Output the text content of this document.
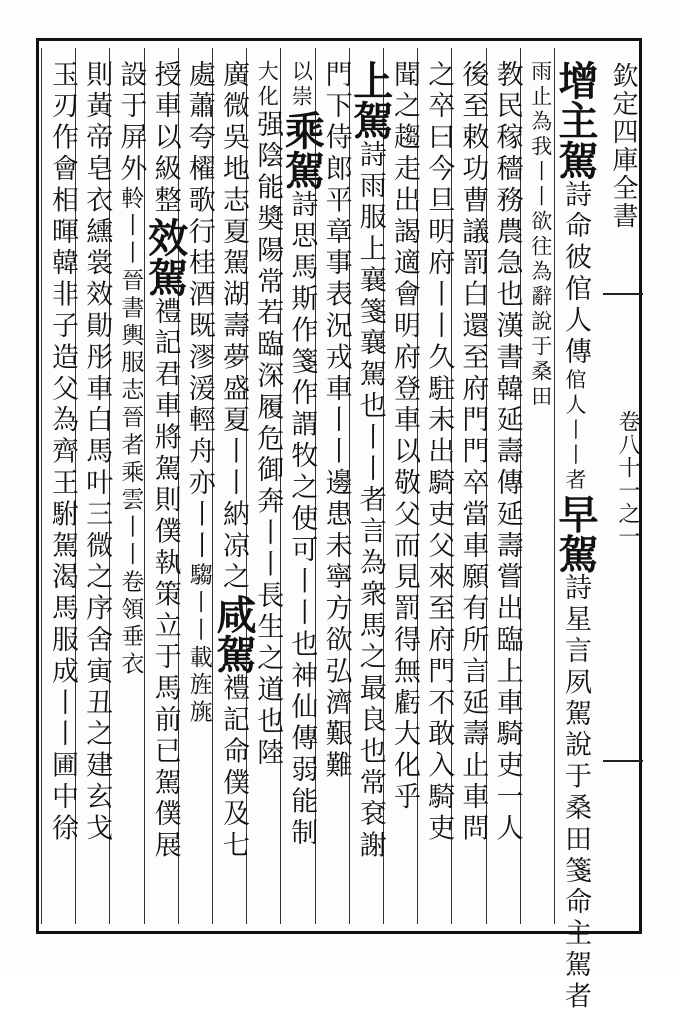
欽定四庫全書
卷八十一之一
增主駕詩命彼倌人傳倌人丨丨者早駕詩星言夙駕說于桑田箋命主駕者
雨止為我丨丨欲往為辭說于桑田
教民稼穡務農急也漢書韓延壽傳延壽嘗出臨上車騎吏一人
後至敕功曹議罰白還至府門門卒當車願有所言延壽止車問
之卒曰今旦明府丨丨久駐未出騎吏父來至府門不敢入騎吏
聞之趨走出謁適會明府登車以敬父而見罰得無虧大化乎
上駕詩雨服上襄箋襄駕也丨丨者言為衆馬之最良也常袞謝
門下侍郎平章事表況戎車丨丨邊患未寧方欲弘濟艱難
以崇乘駕詩思馬斯作箋作謂牧之使可丨丨也神仙傳弱能制
大化强陰能奬陽常若臨深履危御奔丨丨長生之道也陸
廣微吳地志夏駕湖壽夢盛夏丨丨納凉之咸駕禮記命僕及七
處蕭夸櫂歌行桂酒既漻湲輕舟亦丨丨騶丨丨載旌旐
授車以級整效駕禮記君車將駕則僕執策立于馬前已駕僕展
設于屏外軨丨丨晉書輿服志晉者乘雲丨丨卷領垂衣
則黃帝皂衣纁裳效勛彤車白馬叶三微之序舍寅丑之建玄戈
玉刃作會相暉韓非子造父為齊王駙駕渴馬服成丨丨圃中徐
